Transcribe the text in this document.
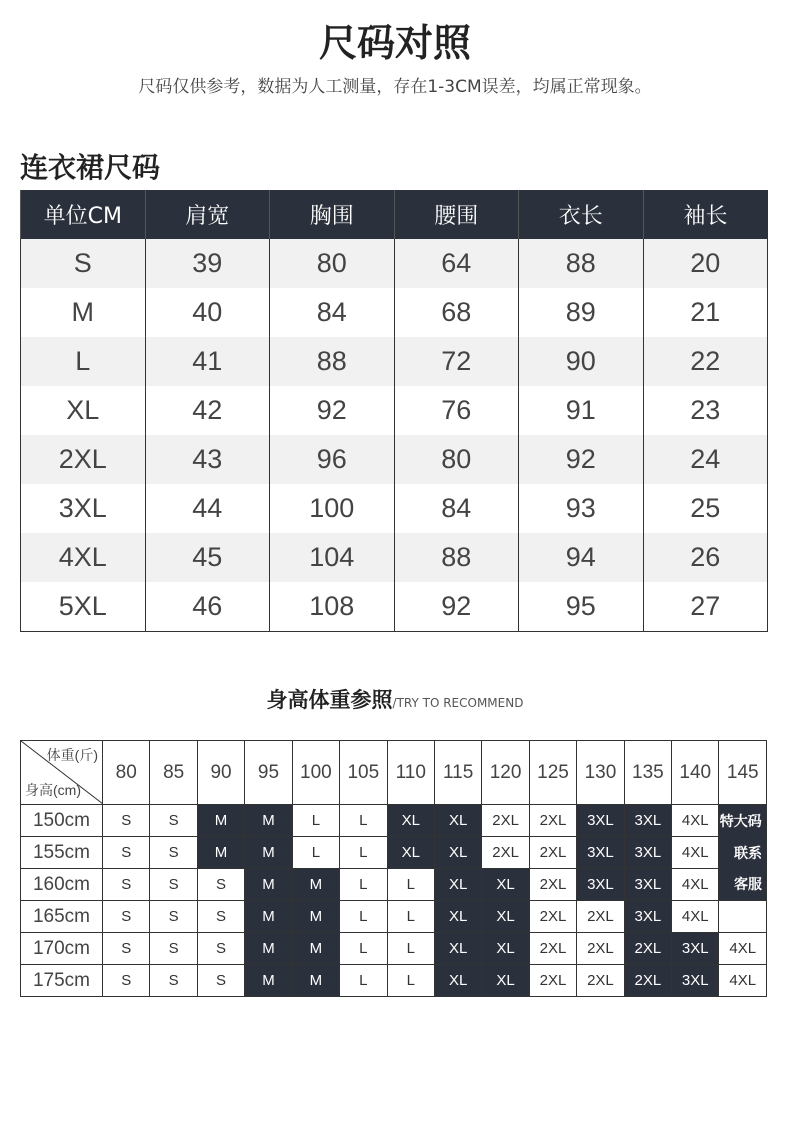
尺码对照
尺码仅供参考，数据为人工测量，存在1-3CM误差，均属正常现象。
连衣裙尺码
单位CM	肩宽	胸围	腰围	衣长	袖长
S	39	80	64	88	20
M	40	84	68	89	21
L	41	88	72	90	22
XL	42	92	76	91	23
2XL	43	96	80	92	24
3XL	44	100	84	93	25
4XL	45	104	88	94	26
5XL	46	108	92	95	27
身高体重参照/TRY TO RECOMMEND
体重(斤)
身高(cm)	80	85	90	95	100	105	110	115	120	125	130	135	140	145
150cm	S	S	M	M	L	L	XL	XL	2XL	2XL	3XL	3XL	4XL	特大码
155cm	S	S	M	M	L	L	XL	XL	2XL	2XL	3XL	3XL	4XL	联系
160cm	S	S	S	M	M	L	L	XL	XL	2XL	3XL	3XL	4XL	客服
165cm	S	S	S	M	M	L	L	XL	XL	2XL	2XL	3XL	4XL	
170cm	S	S	S	M	M	L	L	XL	XL	2XL	2XL	2XL	3XL	4XL
175cm	S	S	S	M	M	L	L	XL	XL	2XL	2XL	2XL	3XL	4XL
